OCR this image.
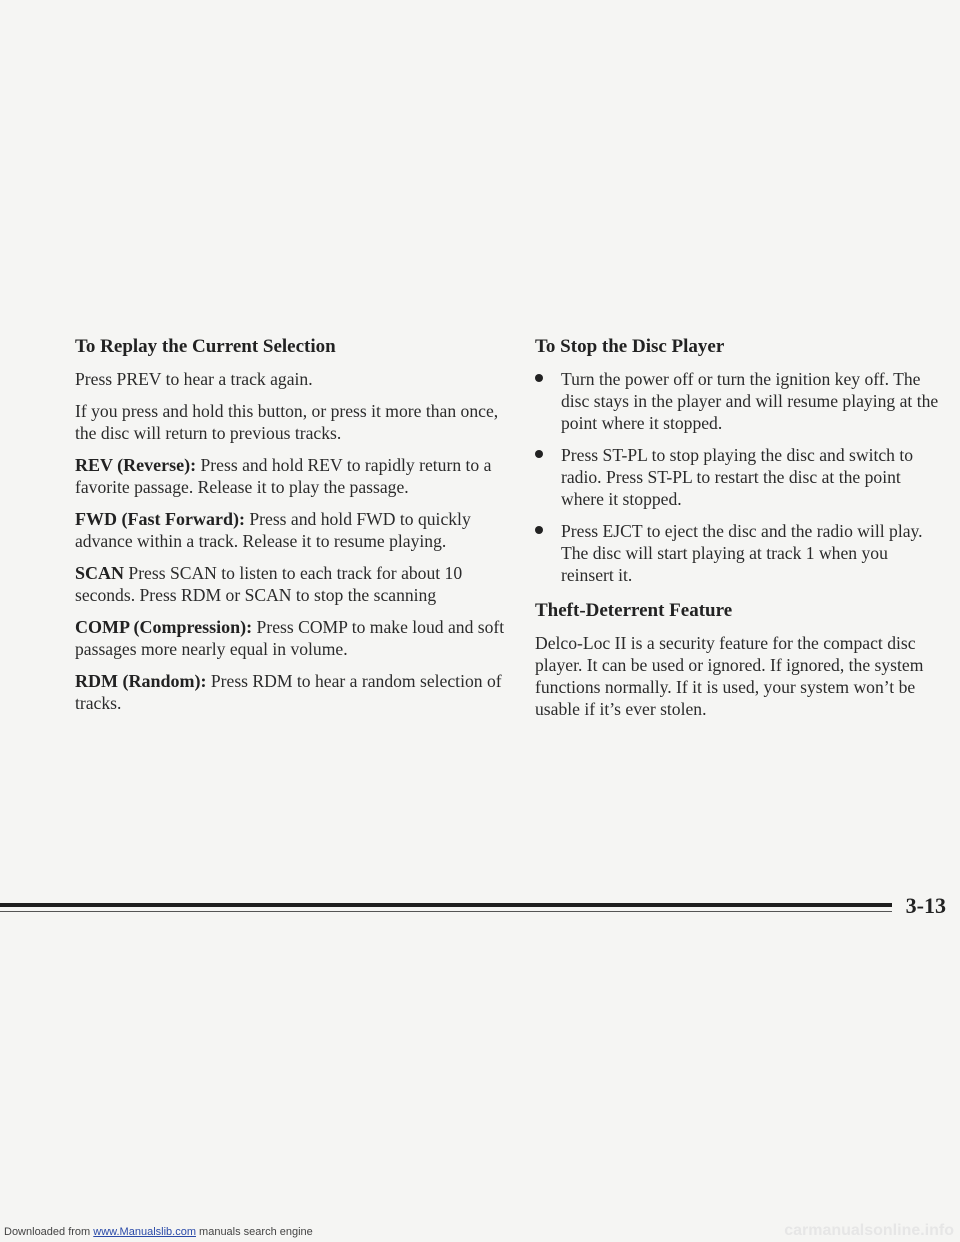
To Replay the Current Selection

Press PREV to hear a track again.

If you press and hold this button, or press it more than once, the disc will return to previous tracks.

REV (Reverse): Press and hold REV to rapidly return to a favorite passage. Release it to play the passage.

FWD (Fast Forward): Press and hold FWD to quickly advance within a track. Release it to resume playing.

SCAN Press SCAN to listen to each track for about 10 seconds. Press RDM or SCAN to stop the scanning

COMP (Compression): Press COMP to make loud and soft passages more nearly equal in volume.

RDM (Random): Press RDM to hear a random selection of tracks.

To Stop the Disc Player
Turn the power off or turn the ignition key off. The disc stays in the player and will resume playing at the point where it stopped.
Press ST-PL to stop playing the disc and switch to radio. Press ST-PL to restart the disc at the point where it stopped.
Press EJCT to eject the disc and the radio will play. The disc will start playing at track 1 when you reinsert it.
Theft-Deterrent Feature

Delco-Loc II is a security feature for the compact disc player. It can be used or ignored. If ignored, the system functions normally. If it is used, your system won’t be usable if it’s ever stolen.

3-13
Downloaded from www.Manualslib.com manuals search engine	carmanualsonline.info
